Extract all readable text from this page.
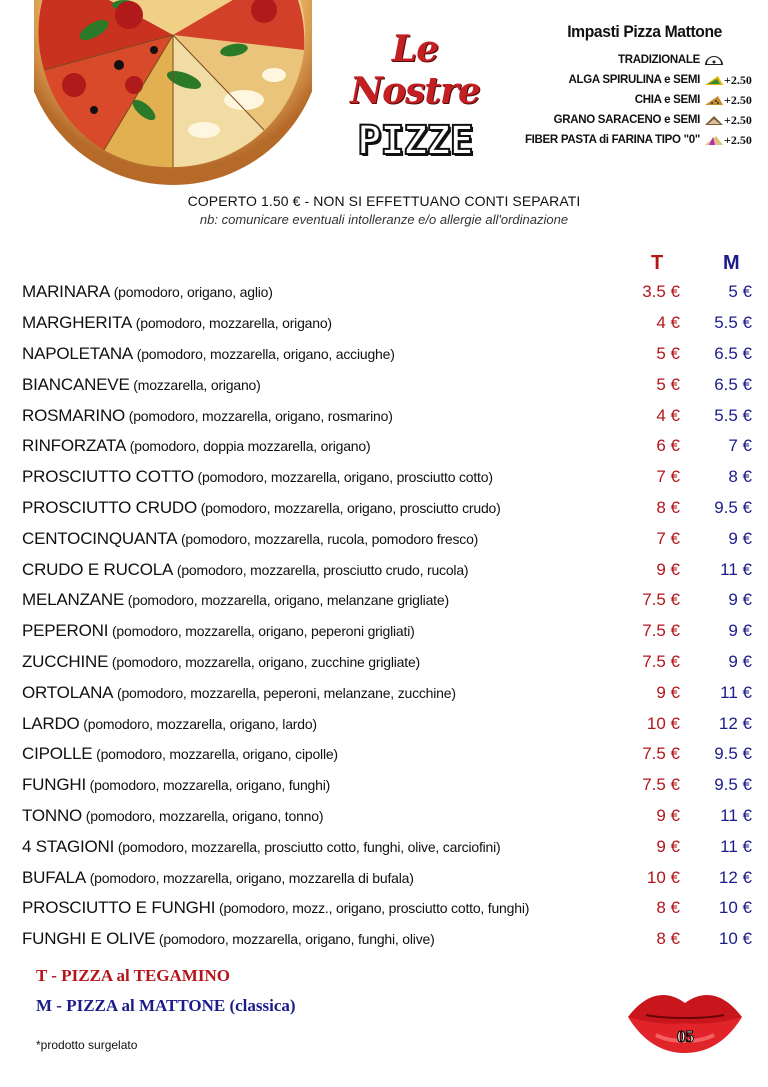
Le Nostre
PIZZE
Impasti Pizza Mattone
TRADIZIONALE
ALGA SPIRULINA e SEMI +2.50
CHIA e SEMI +2.50
GRANO SARACENO e SEMI +2.50
FIBER PASTA di FARINA TIPO "0" +2.50
COPERTO 1.50 € - NON SI EFFETTUANO CONTI SEPARATI
nb: comunicare eventuali intolleranze e/o allergie all'ordinazione
T	M
MARINARA (pomodoro, origano, aglio)	3.5 €	5 €
MARGHERITA (pomodoro, mozzarella, origano)	4 €	5.5 €
NAPOLETANA (pomodoro, mozzarella, origano, acciughe)	5 €	6.5 €
BIANCANEVE (mozzarella, origano)	5 €	6.5 €
ROSMARINO (pomodoro, mozzarella, origano, rosmarino)	4 €	5.5 €
RINFORZATA (pomodoro, doppia mozzarella, origano)	6 €	7 €
PROSCIUTTO COTTO (pomodoro, mozzarella, origano, prosciutto cotto)	7 €	8 €
PROSCIUTTO CRUDO (pomodoro, mozzarella, origano, prosciutto crudo)	8 €	9.5 €
CENTOCINQUANTA (pomodoro, mozzarella, rucola, pomodoro fresco)	7 €	9 €
CRUDO E RUCOLA (pomodoro, mozzarella, prosciutto crudo, rucola)	9 €	11 €
MELANZANE (pomodoro, mozzarella, origano, melanzane grigliate)	7.5 €	9 €
PEPERONI (pomodoro, mozzarella, origano, peperoni grigliati)	7.5 €	9 €
ZUCCHINE (pomodoro, mozzarella, origano, zucchine grigliate)	7.5 €	9 €
ORTOLANA (pomodoro, mozzarella, peperoni, melanzane, zucchine)	9 €	11 €
LARDO (pomodoro, mozzarella, origano, lardo)	10 €	12 €
CIPOLLE (pomodoro, mozzarella, origano, cipolle)	7.5 €	9.5 €
FUNGHI (pomodoro, mozzarella, origano, funghi)	7.5 €	9.5 €
TONNO (pomodoro, mozzarella, origano, tonno)	9 €	11 €
4 STAGIONI (pomodoro, mozzarella, prosciutto cotto, funghi, olive, carciofini)	9 €	11 €
BUFALA (pomodoro, mozzarella, origano, mozzarella di bufala)	10 €	12 €
PROSCIUTTO E FUNGHI (pomodoro, mozz., origano, prosciutto cotto, funghi)	8 €	10 €
FUNGHI E OLIVE (pomodoro, mozzarella, origano, funghi, olive)	8 €	10 €
T - PIZZA al TEGAMINO
M - PIZZA al MATTONE (classica)
*prodotto surgelato	05
